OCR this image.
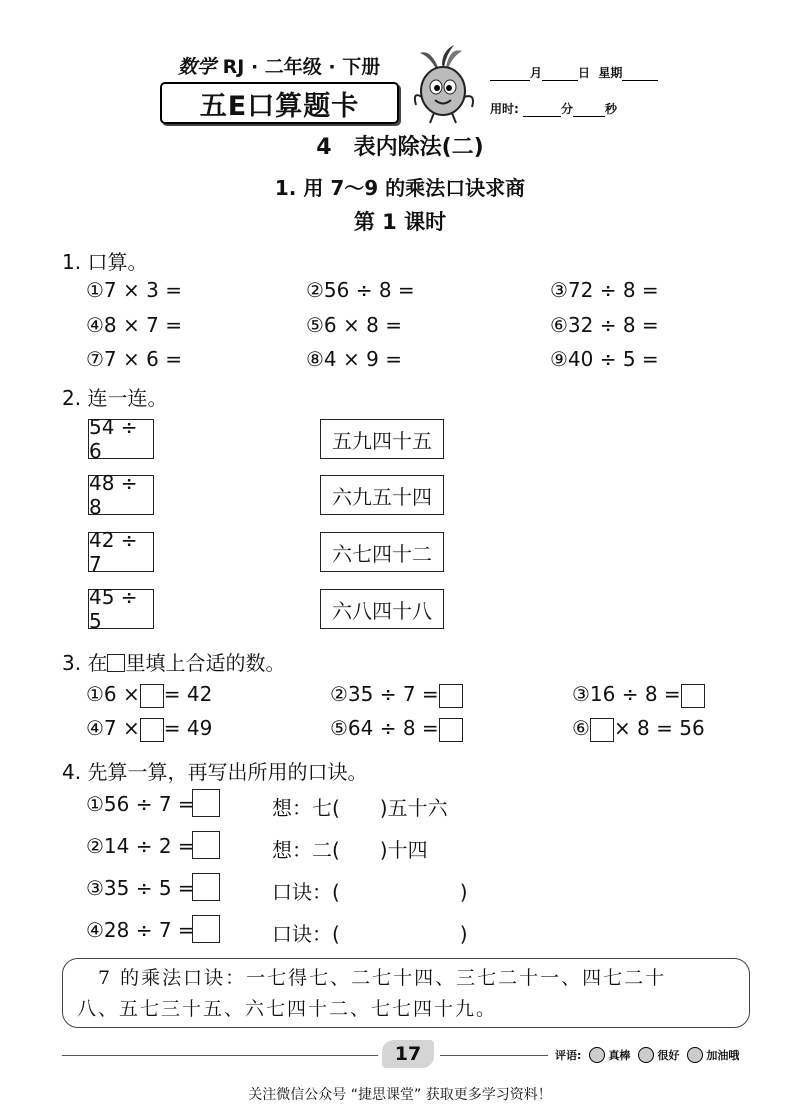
数学 RJ · 二年级 · 下册
五E口算题卡
月	日 星期
用时:	分	秒
4　表内除法(二)
1. 用 7～9 的乘法口诀求商
第 1 课时
1. 口算。
①7 × 3 =	②56 ÷ 8 =	③72 ÷ 8 =
④8 × 7 =	⑤6 × 8 =	⑥32 ÷ 8 =
⑦7 × 6 =	⑧4 × 9 =	⑨40 ÷ 5 =
2. 连一连。
54 ÷ 6
48 ÷ 8
42 ÷ 7
45 ÷ 5
五九四十五
六九五十四
六七四十二
六八四十八
3. 在 里填上合适的数。
①6 × = 42	②35 ÷ 7 =	③16 ÷ 8 =
④7 × = 49	⑤64 ÷ 8 =	⑥ × 8 = 56
4. 先算一算，再写出所用的口诀。
①56 ÷ 7 =	想：七(　　)五十六
②14 ÷ 2 =	想：二(　　)十四
③35 ÷ 5 =	口诀：(　　　　　　)
④28 ÷ 7 =	口诀：(　　　　　　)
　7 的乘法口诀：一七得七、二七十四、三七二十一、四七二十
八、五七三十五、六七四十二、七七四十九。
17	评语: 真棒 很好 加油哦
关注微信公众号 “捷思课堂” 获取更多学习资料！
